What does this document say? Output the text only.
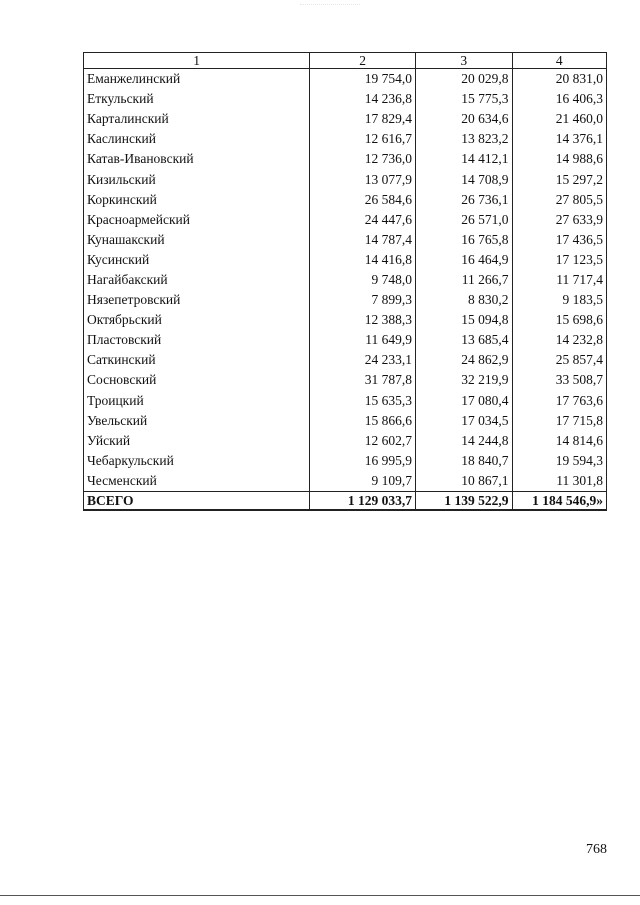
1	2	3	4
Еманжелинский	19 754,0	20 029,8	20 831,0
Еткульский	14 236,8	15 775,3	16 406,3
Карталинский	17 829,4	20 634,6	21 460,0
Каслинский	12 616,7	13 823,2	14 376,1
Катав-Ивановский	12 736,0	14 412,1	14 988,6
Кизильский	13 077,9	14 708,9	15 297,2
Коркинский	26 584,6	26 736,1	27 805,5
Красноармейский	24 447,6	26 571,0	27 633,9
Кунашакский	14 787,4	16 765,8	17 436,5
Кусинский	14 416,8	16 464,9	17 123,5
Нагайбакский	9 748,0	11 266,7	11 717,4
Нязепетровский	7 899,3	8 830,2	9 183,5
Октябрьский	12 388,3	15 094,8	15 698,6
Пластовский	11 649,9	13 685,4	14 232,8
Саткинский	24 233,1	24 862,9	25 857,4
Сосновский	31 787,8	32 219,9	33 508,7
Троицкий	15 635,3	17 080,4	17 763,6
Увельский	15 866,6	17 034,5	17 715,8
Уйский	12 602,7	14 244,8	14 814,6
Чебаркульский	16 995,9	18 840,7	19 594,3
Чесменский	9 109,7	10 867,1	11 301,8
ВСЕГО	1 129 033,7	1 139 522,9	1 184 546,9»
768
